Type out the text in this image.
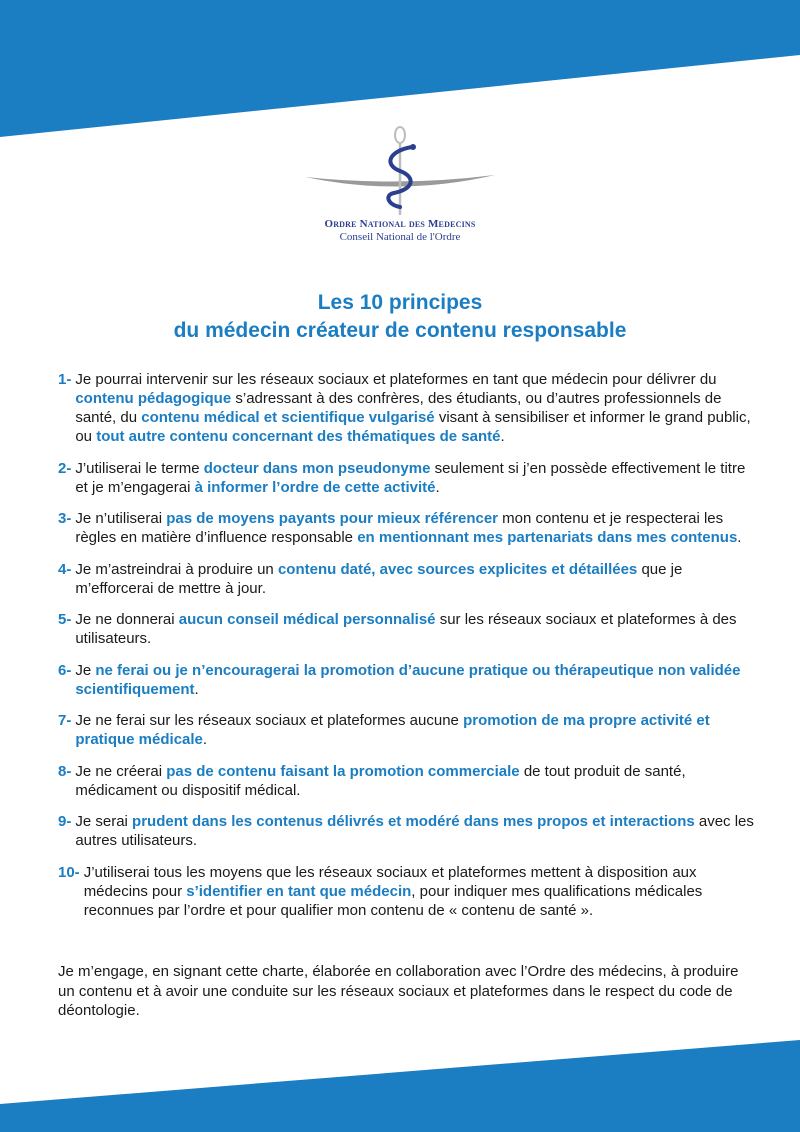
Ordre National des Medecins
Conseil National de l'Ordre
Les 10 principes
du médecin créateur de contenu responsable
1- Je pourrai intervenir sur les réseaux sociaux et plateformes en tant que médecin pour délivrer du contenu pédagogique s’adressant à des confrères, des étudiants, ou d’autres professionnels de santé, du contenu médical et scientifique vulgarisé visant à sensibiliser et informer le grand public, ou tout autre contenu concernant des thématiques de santé.
2- J’utiliserai le terme docteur dans mon pseudonyme seulement si j’en possède effectivement le titre et je m’engagerai à informer l’ordre de cette activité.
3- Je n’utiliserai pas de moyens payants pour mieux référencer mon contenu et je respecterai les règles en matière d’influence responsable en mentionnant mes partenariats dans mes contenus.
4- Je m’astreindrai à produire un contenu daté, avec sources explicites et détaillées que je m’efforcerai de mettre à jour.
5- Je ne donnerai aucun conseil médical personnalisé sur les réseaux sociaux et plateformes à des utilisateurs.
6- Je ne ferai ou je n’encouragerai la promotion d’aucune pratique ou thérapeutique non validée scientifiquement.
7- Je ne ferai sur les réseaux sociaux et plateformes aucune promotion de ma propre activité et pratique médicale.
8- Je ne créerai pas de contenu faisant la promotion commerciale de tout produit de santé, médicament ou dispositif médical.
9- Je serai prudent dans les contenus délivrés et modéré dans mes propos et interactions avec les autres utilisateurs.
10- J’utiliserai tous les moyens que les réseaux sociaux et plateformes mettent à disposition aux médecins pour s’identifier en tant que médecin, pour indiquer mes qualifications médicales reconnues par l’ordre et pour qualifier mon contenu de « contenu de santé ».

Je m’engage, en signant cette charte, élaborée en collaboration avec l’Ordre des médecins, à produire un contenu et à avoir une conduite sur les réseaux sociaux et plateformes dans le respect du code de déontologie.
